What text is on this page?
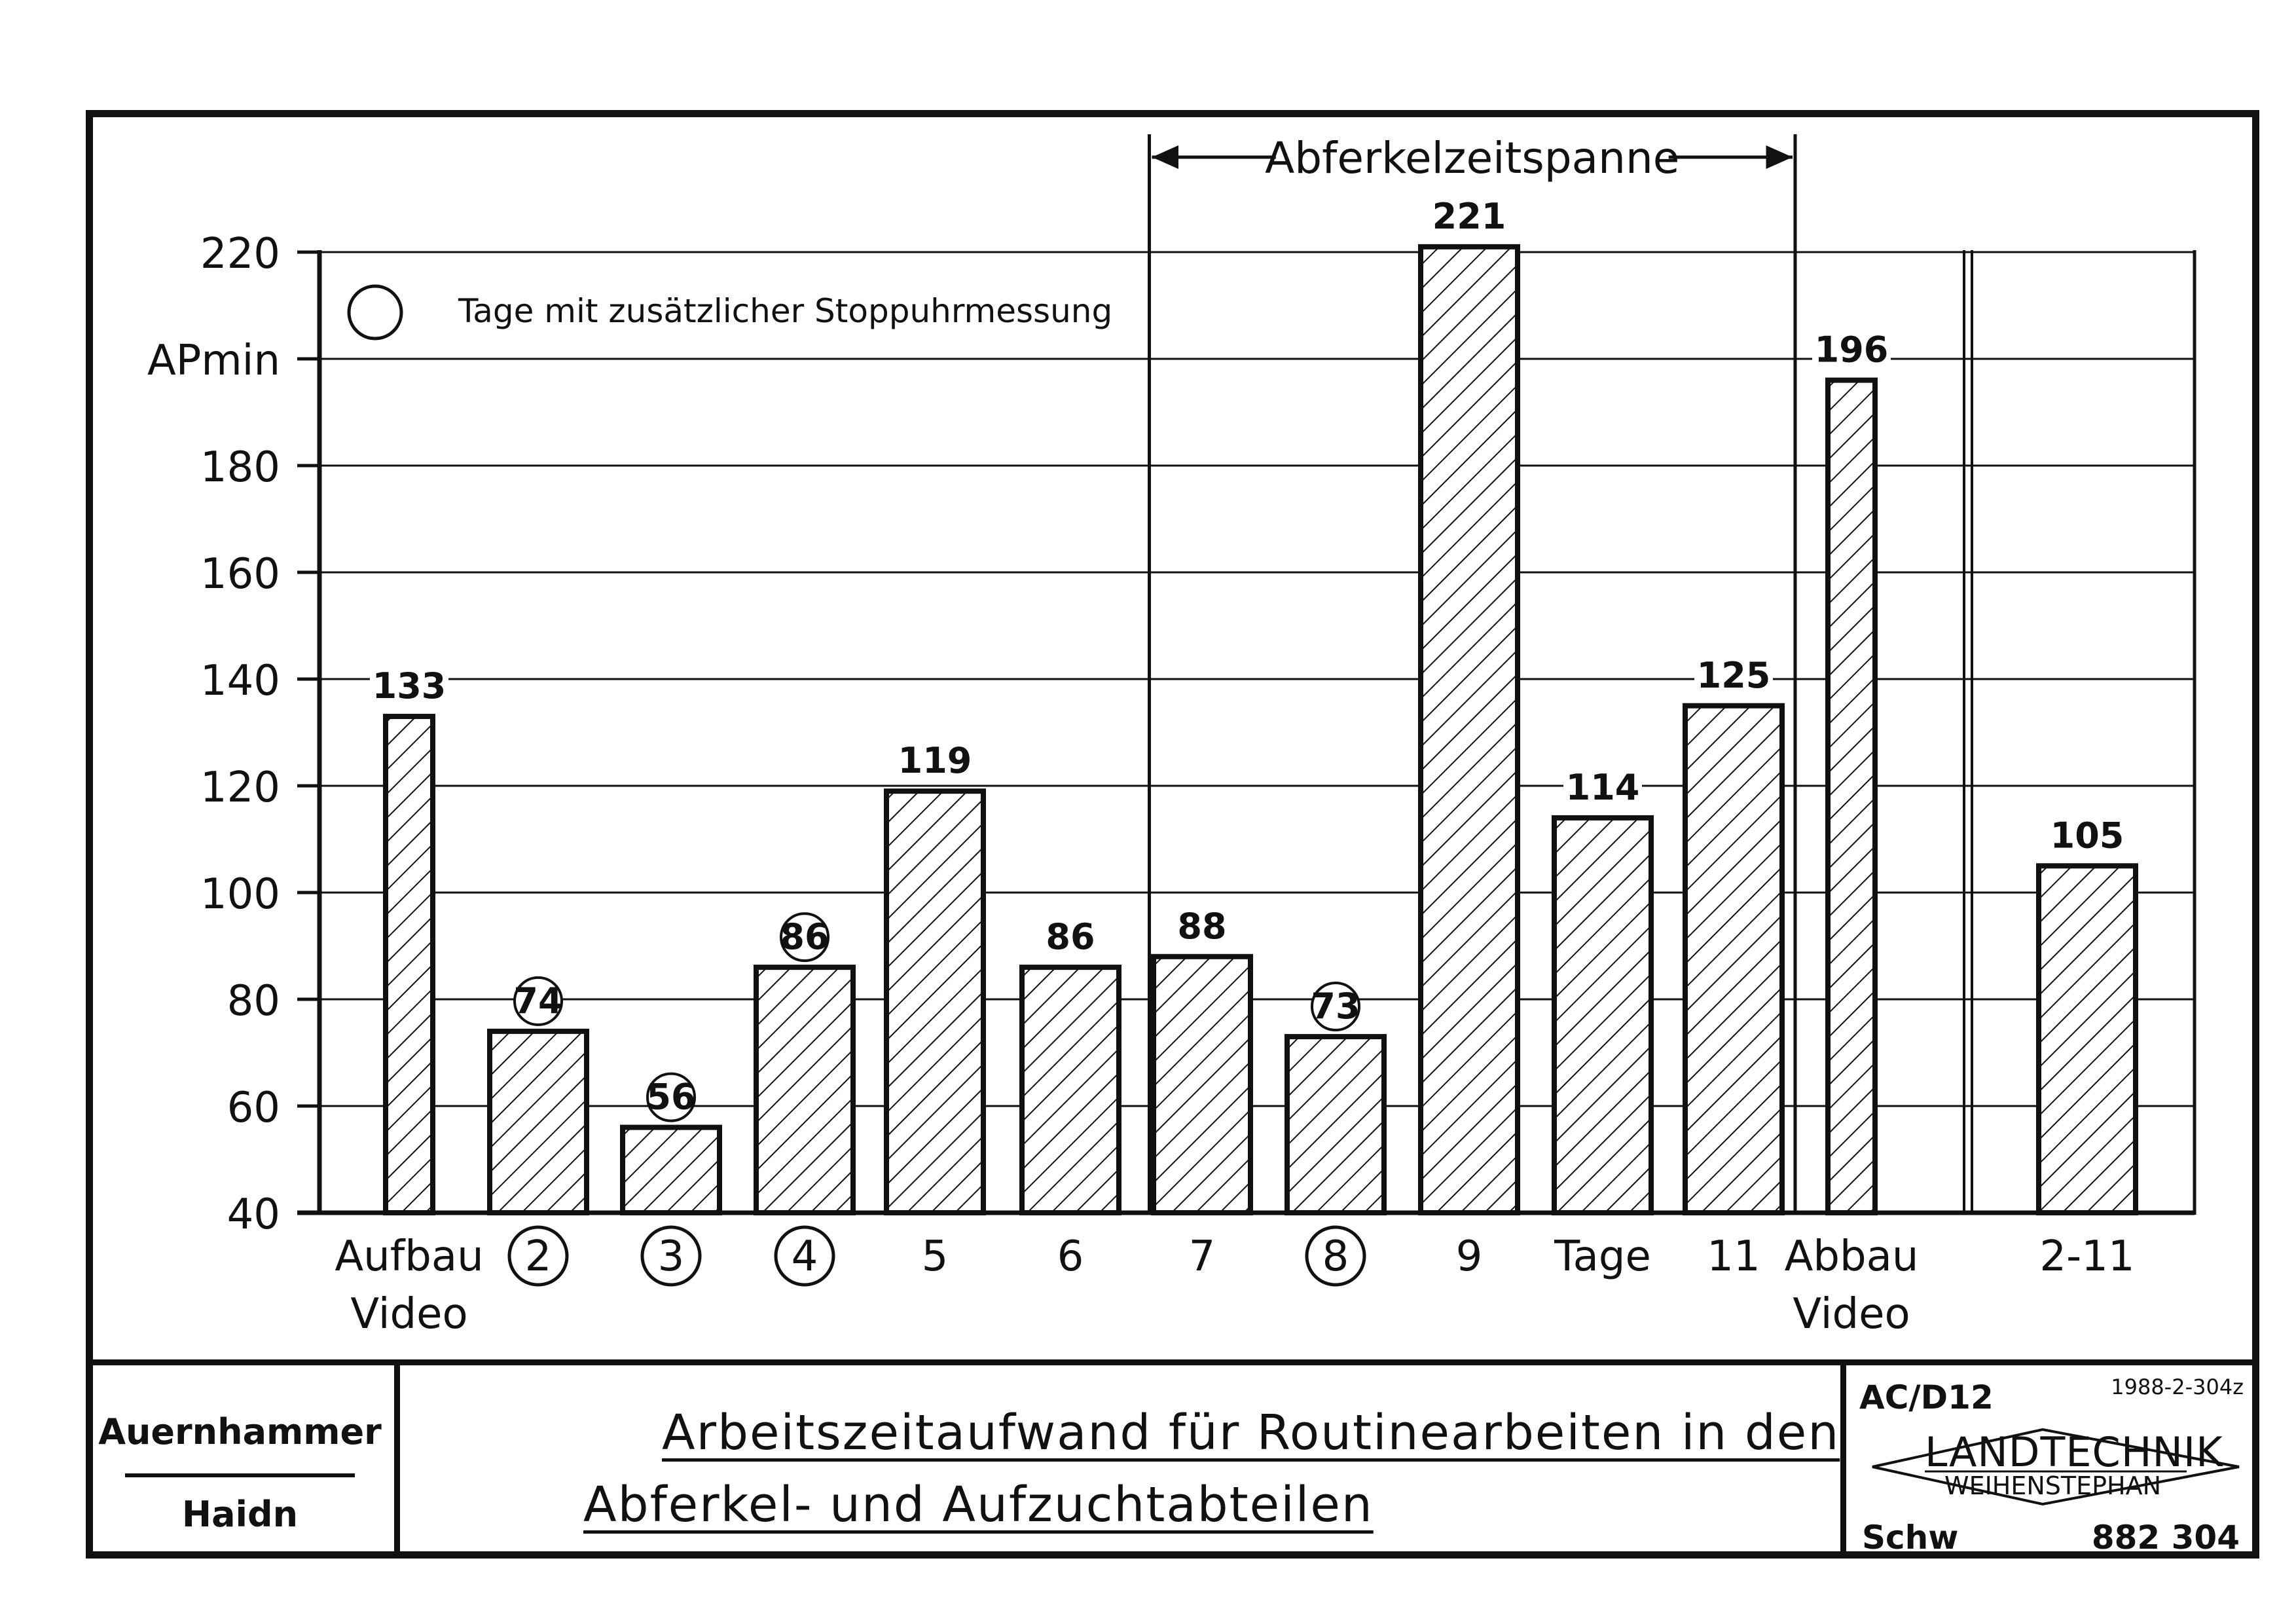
40
60
80
100
120
140
160
180
APmin
220
133
74
56
86
119
86 88
73
221
114
125
196
105
Aufbau
Video
2	3	4 5	6	7	8	9 Tage 11 Abbau
Video
2-11
Abferkelzeitspanne
Tage mit zusätzlicher Stoppuhrmessung
Auernhammer
Haidn
Arbeitszeitaufwand für Routinearbeiten in den
Abferkel- und Aufzuchtabteilen
AC/D12	1988-2-304z
LANDTECHNIK
WEIHENSTEPHAN
Schw	882 304
